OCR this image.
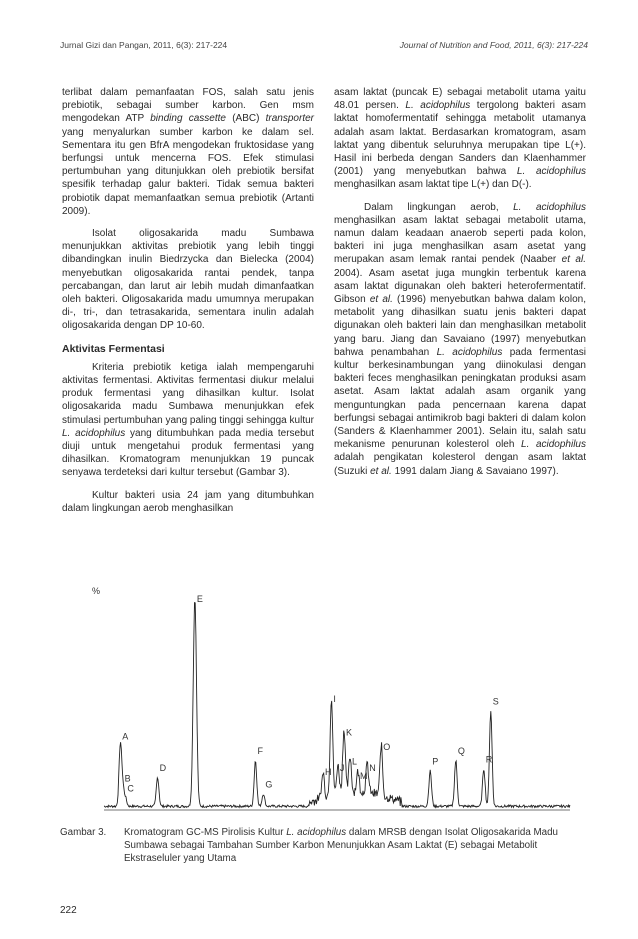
Jurnal Gizi dan Pangan, 2011, 6(3): 217-224	Journal of Nutrition and Food, 2011, 6(3): 217-224

terlibat dalam pemanfaatan FOS, salah satu jenis prebiotik, sebagai sumber karbon. Gen msm mengodekan ATP binding cassette (ABC) transporter yang menyalurkan sumber karbon ke dalam sel. Sementara itu gen BfrA mengodekan fruktosidase yang berfungsi untuk mencerna FOS. Efek stimulasi pertumbuhan yang ditunjukkan oleh prebiotik bersifat spesifik terhadap galur bakteri. Tidak semua bakteri probiotik dapat memanfaatkan semua prebiotik (Artanti 2009).

Isolat oligosakarida madu Sumbawa menunjukkan aktivitas prebiotik yang lebih tinggi dibandingkan inulin Biedrzycka dan Bielecka (2004) menyebutkan oligosakarida rantai pendek, tanpa percabangan, dan larut air lebih mudah dimanfaatkan oleh bakteri. Oligosakarida madu umumnya merupakan di-, tri-, dan tetrasakarida, sementara inulin adalah oligosakarida dengan DP 10-60.

Aktivitas Fermentasi

Kriteria prebiotik ketiga ialah mempengaruhi aktivitas fermentasi. Aktivitas fermentasi diukur melalui produk fermentasi yang dihasilkan kultur. Isolat oligosakarida madu Sumbawa menunjukkan efek stimulasi pertumbuhan yang paling tinggi sehingga kultur L. acidophilus yang ditumbuhkan pada media tersebut diuji untuk mengetahui produk fermentasi yang dihasilkan. Kromatogram menunjukkan 19 puncak senyawa terdeteksi dari kultur tersebut (Gambar 3).

Kultur bakteri usia 24 jam yang ditumbuhkan dalam lingkungan aerob menghasilkan

asam laktat (puncak E) sebagai metabolit utama yaitu 48.01 persen. L. acidophilus tergolong bakteri asam laktat homofermentatif sehingga metabolit utamanya adalah asam laktat. Berdasarkan kromatogram, asam laktat yang dibentuk seluruhnya merupakan tipe L(+). Hasil ini berbeda dengan Sanders dan Klaenhammer (2001) yang menyebutkan bahwa L. acidophilus menghasilkan asam laktat tipe L(+) dan D(-).

Dalam lingkungan aerob, L. acidophilus menghasilkan asam laktat sebagai metabolit utama, namun dalam keadaan anaerob seperti pada kolon, bakteri ini juga menghasilkan asam asetat yang merupakan asam lemak rantai pendek (Naaber et al. 2004). Asam asetat juga mungkin terbentuk karena asam laktat digunakan oleh bakteri heterofermentatif. Gibson et al. (1996) menyebutkan bahwa dalam kolon, metabolit yang dihasilkan suatu jenis bakteri dapat digunakan oleh bakteri lain dan menghasilkan metabolit yang baru. Jiang dan Savaiano (1997) menyebutkan bahwa penambahan L. acidophilus pada fermentasi kultur berkesinambungan yang diinokulasi dengan bakteri feces menghasilkan peningkatan produksi asam asetat. Asam laktat adalah asam organik yang menguntungkan pada pencernaan karena dapat berfungsi sebagai antimikrob bagi bakteri di dalam kolon (Sanders & Klaenhammer 2001). Selain itu, salah satu mekanisme penurunan kolesterol oleh L. acidophilus adalah pengikatan kolesterol dengan asam laktat (Suzuki et al. 1991 dalam Jiang & Savaiano 1997).

%
A
B
C
D
E
F
G
H
I
J
K
L
M
N
O
P
Q
R
S
Gambar 3. Kromatogram GC-MS Pirolisis Kultur L. acidophilus dalam MRSB dengan Isolat Oligosakarida Madu Sumbawa sebagai Tambahan Sumber Karbon Menunjukkan Asam Laktat (E) sebagai Metabolit Ekstraseluler yang Utama
222
